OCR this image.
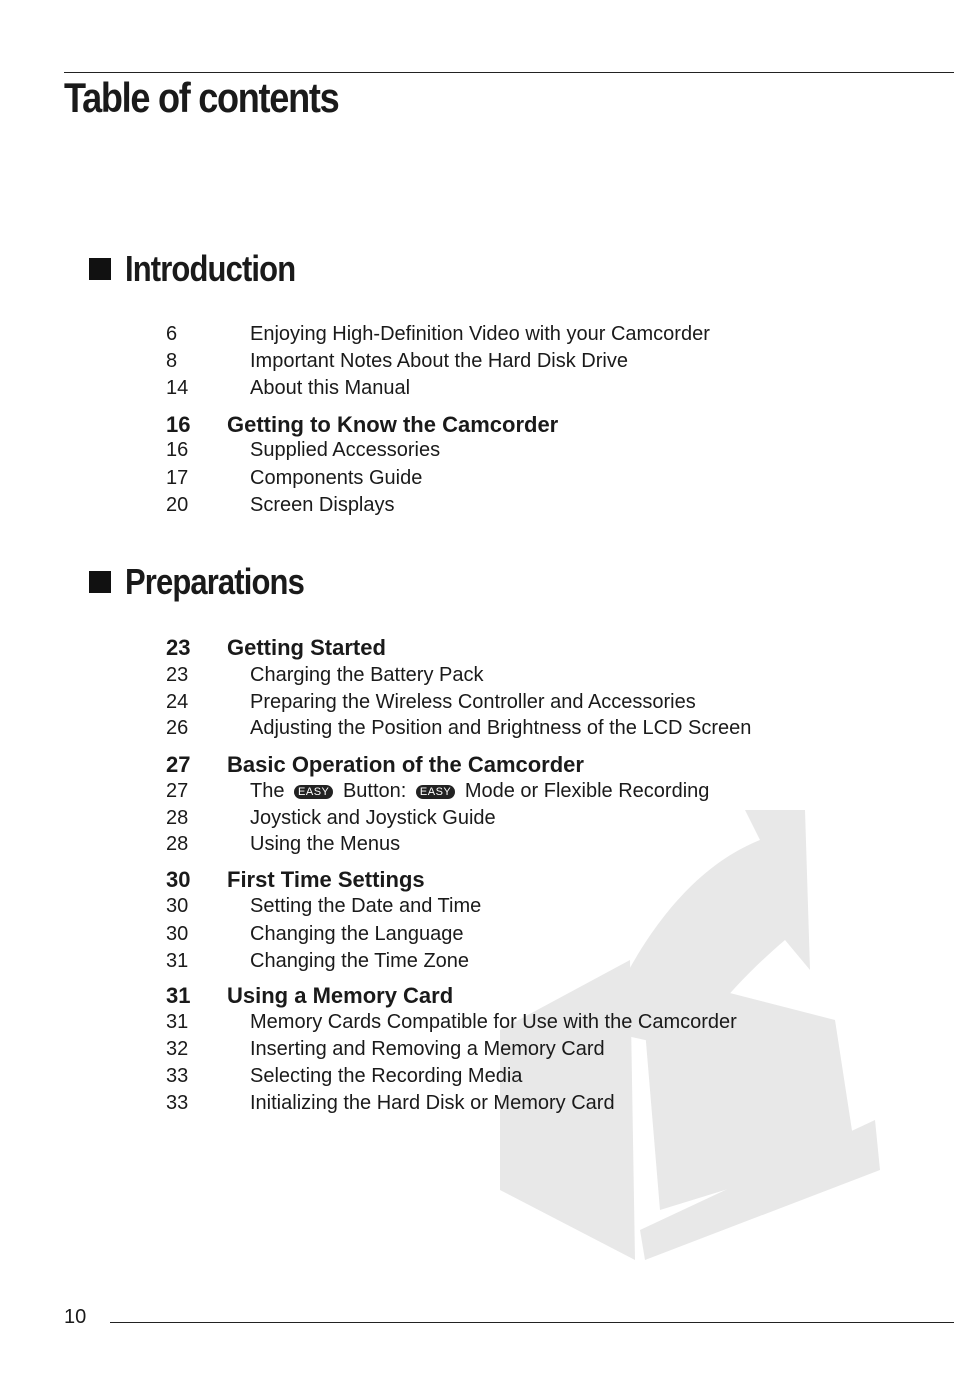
Table of contents
Introduction
6	Enjoying High-Definition Video with your Camcorder
8	Important Notes About the Hard Disk Drive
14	About this Manual
16 Getting to Know the Camcorder
16	Supplied Accessories
17	Components Guide
20	Screen Displays
Preparations
23 Getting Started
23	Charging the Battery Pack
24	Preparing the Wireless Controller and Accessories
26	Adjusting the Position and Brightness of the LCD Screen
27 Basic Operation of the Camcorder
27	The EASY Button: EASY Mode or Flexible Recording
28	Joystick and Joystick Guide
28	Using the Menus
30 First Time Settings
30	Setting the Date and Time
30	Changing the Language
31	Changing the Time Zone
31 Using a Memory Card
31	Memory Cards Compatible for Use with the Camcorder
32	Inserting and Removing a Memory Card
33	Selecting the Recording Media
33	Initializing the Hard Disk or Memory Card
10
